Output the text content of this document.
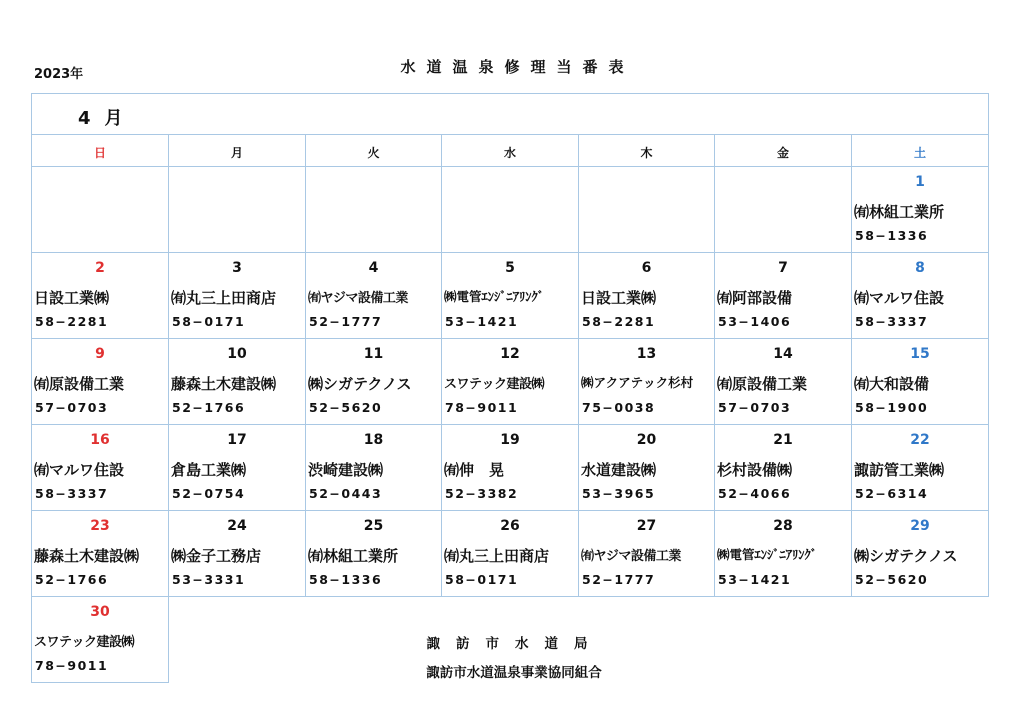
2023年	水道温泉修理当番表
4 月						
日	月	火	水	木	金	土

						1
㈲林組工業所
58−1336

2
日設工業㈱
58−2281	3
㈲丸三上田商店
58−0171	4
㈲ヤジマ設備工業
52−1777	5
㈱電管ｴﾝｼﾞﾆｱﾘﾝｸﾞ
53−1421	6
日設工業㈱
58−2281	7
㈲阿部設備
53−1406	8
㈲マルワ住設
58−3337

9
㈲原設備工業
57−0703	10
藤森土木建設㈱
52−1766	11
㈱シガテクノス
52−5620	12
スワテック建設㈱
78−9011	13
㈱アクアテック杉村
75−0038	14
㈲原設備工業
57−0703	15
㈲大和設備
58−1900

16
㈲マルワ住設
58−3337	17
倉島工業㈱
52−0754	18
渋崎建設㈱
52−0443	19
㈲伸　晃
52−3382	20
水道建設㈱
53−3965	21
杉村設備㈱
52−4066	22
諏訪管工業㈱
52−6314

23
藤森土木建設㈱
52−1766	24
㈱金子工務店
53−3331	25
㈲林組工業所
58−1336	26
㈲丸三上田商店
58−0171	27
㈲ヤジマ設備工業
52−1777	28
㈱電管ｴﾝｼﾞﾆｱﾘﾝｸﾞ
53−1421	29
㈱シガテクノス
52−5620

30
スワテック建設㈱
78−9011						

諏訪市水道局
諏訪市水道温泉事業協同組合
